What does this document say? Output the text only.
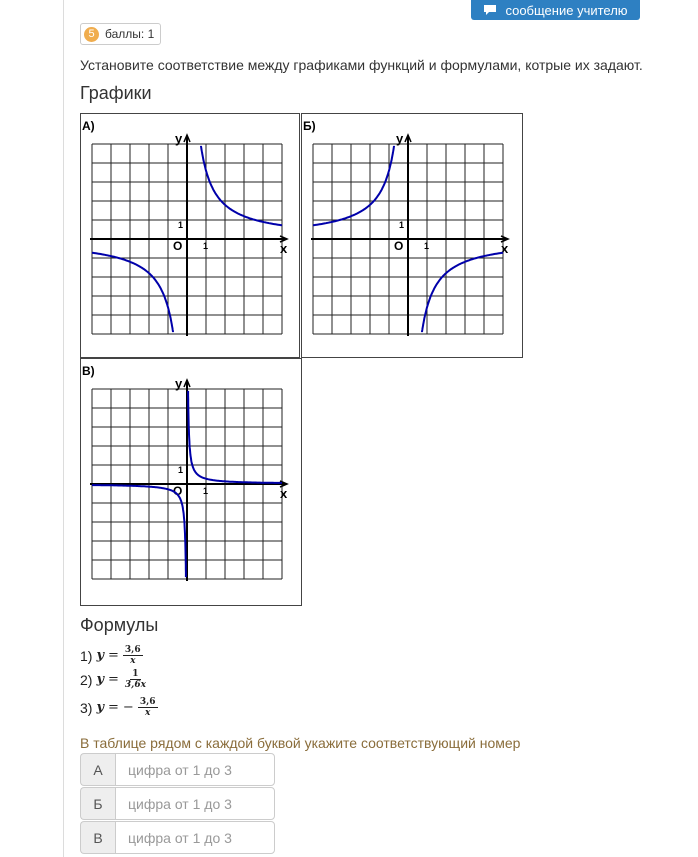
сообщение учителю
5 баллы: 1
Установите соответствие между графиками функций и формулами, котрые их задают.
Графики
А)
y
x
O 1
1
Б)
y
x
O 1
1
В)
y
x
O 1
1
Формулы
1) $y = \frac{3,6}{x}$
2) $y = \frac{1}{3,6x}$
3) y = − $\frac{3,6}{x}$
В таблице рядом с каждой буквой укажите соответствующий номер
А
цифра от 1 до 3
Б
цифра от 1 до 3
В
цифра от 1 до 3
